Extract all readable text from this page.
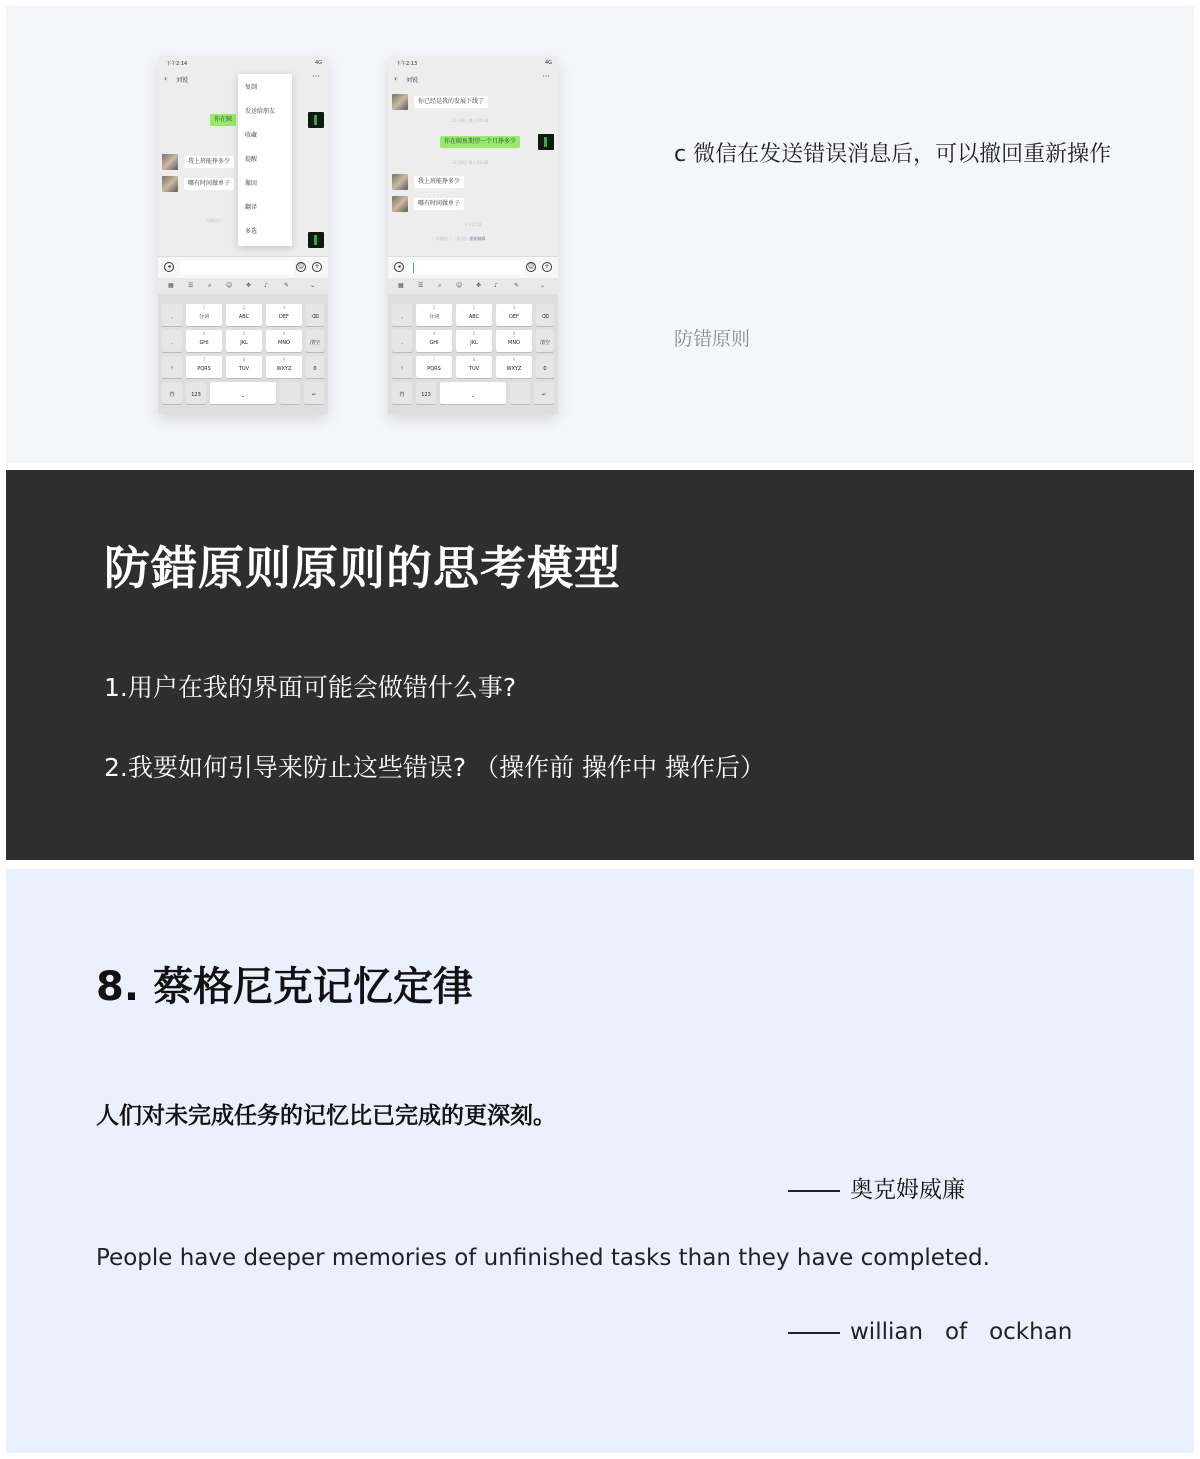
下午2:14	4G
‹ 刘锐	···
你在鲸
我上班能挣多少
哪有时间做单子
你撤回了一
复制
发送给朋友
收藏
提醒
撤回
翻译
多选
◂	☺	+
▦ ☰ ⌕ ☺ ✥ ♪	✎	⌄
,
.
!
1
分词
2
ABC
3
DEF	⌫
4
GHI
5
JKL
6
MNO	清空
7
PQRS
8
TUV
9
WXYZ	0
符	123	⎵	↵
下午2:13	4G
‹ 刘锐	···
你已经是我的发展下线了
11月8日 晚上20:44
你在鲸鱼期望一个月挣多少
11月8日 晚上20:06
我上班能挣多少
哪有时间做单子
下午2:13
你撤回了一条消息 重新编辑
◂	☺	+
▦ ☰ ⌕ ☺ ✥ ♪	✎	⌄
,
.
!
1
分词
2
ABC
3
DEF	⌫
4
GHI
5
JKL
6
MNO	清空
7
PQRS
8
TUV
9
WXYZ	0
符	123	⎵	↵
c 微信在发送错误消息后，可以撤回重新操作
防错原则
防錯原则原则的思考模型
1.用户在我的界面可能会做错什么事?
2.我要如何引导来防止这些错误? （操作前 操作中 操作后）
8. 蔡格尼克记忆定律
人们对未完成任务的记忆比已完成的更深刻。
奥克姆威廉
People have deeper memories of unfinished tasks than they have completed.
willian   of   ockhan
